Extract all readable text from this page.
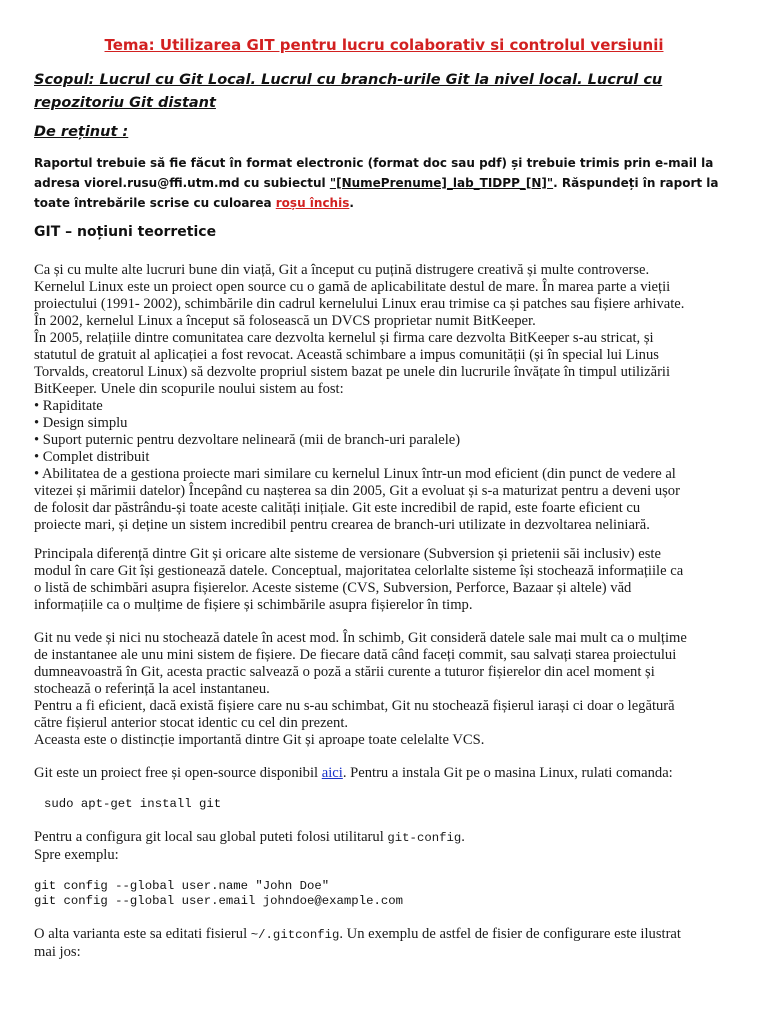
Tema: Utilizarea GIT pentru lucru colaborativ si controlul versiunii
Scopul: Lucrul cu Git Local. Lucrul cu branch-urile Git la nivel local. Lucrul cu repozitoriu Git distant
De reținut :
Raportul trebuie să fie făcut în format electronic (format doc sau pdf) și trebuie trimis prin e-mail la adresa viorel.rusu@ffi.utm.md cu subiectul "[NumePrenume]_lab_TIDPP_[N]". Răspundeți în raport la toate întrebările scrise cu culoarea roșu închis.
GIT – noțiuni teorretice

Ca și cu multe alte lucruri bune din viață, Git a început cu puțină distrugere creativă și multe controverse.

Kernelul Linux este un proiect open source cu o gamă de aplicabilitate destul de mare. În marea parte a vieții

proiectului (1991- 2002), schimbările din cadrul kernelului Linux erau trimise ca și patches sau fișiere arhivate.

În 2002, kernelul Linux a început să folosească un DVCS proprietar numit BitKeeper.

În 2005, relațiile dintre comunitatea care dezvolta kernelul și firma care dezvolta BitKeeper s-au stricat, și

statutul de gratuit al aplicației a fost revocat. Această schimbare a impus comunității (și în special lui Linus

Torvalds, creatorul Linux) să dezvolte propriul sistem bazat pe unele din lucrurile învățate în timpul utilizării

BitKeeper. Unele din scopurile noului sistem au fost:

• Rapiditate

• Design simplu

• Suport puternic pentru dezvoltare nelineară (mii de branch-uri paralele)

• Complet distribuit

• Abilitatea de a gestiona proiecte mari similare cu kernelul Linux într-un mod eficient (din punct de vedere al

vitezei și mărimii datelor) Începând cu nașterea sa din 2005, Git a evoluat și s-a maturizat pentru a deveni ușor

de folosit dar păstrându-și toate aceste calități inițiale. Git este incredibil de rapid, este foarte eficient cu

proiecte mari, și deține un sistem incredibil pentru crearea de branch-uri utilizate in dezvoltarea neliniară.

Principala diferență dintre Git și oricare alte sisteme de versionare (Subversion și prietenii săi inclusiv) este

modul în care Git își gestionează datele. Conceptual, majoritatea celorlalte sisteme își stochează informațiile ca

o listă de schimbări asupra fișierelor. Aceste sisteme (CVS, Subversion, Perforce, Bazaar și altele) văd

informațiile ca o mulțime de fișiere și schimbările asupra fișierelor în timp.

Git nu vede și nici nu stochează datele în acest mod. În schimb, Git consideră datele sale mai mult ca o mulțime

de instantanee ale unu mini sistem de fișiere. De fiecare dată când faceți commit, sau salvați starea proiectului

dumneavoastră în Git, acesta practic salvează o poză a stării curente a tuturor fișierelor din acel moment și

stochează o referință la acel instantaneu.

Pentru a fi eficient, dacă există fișiere care nu s-au schimbat, Git nu stochează fișierul iarași ci doar o legătură

către fișierul anterior stocat identic cu cel din prezent.

Aceasta este o distincție importantă dintre Git și aproape toate celelalte VCS.

Git este un proiect free și open-source disponibil aici. Pentru a instala Git pe o masina Linux, rulati comanda:

sudo apt-get install git

Pentru a configura git local sau global puteti folosi utilitarul git-config.

Spre exemplu:

git config --global user.name "John Doe"
git config --global user.email johndoe@example.com

O alta varianta este sa editati fisierul ~/.gitconfig. Un exemplu de astfel de fisier de configurare este ilustrat

mai jos:
